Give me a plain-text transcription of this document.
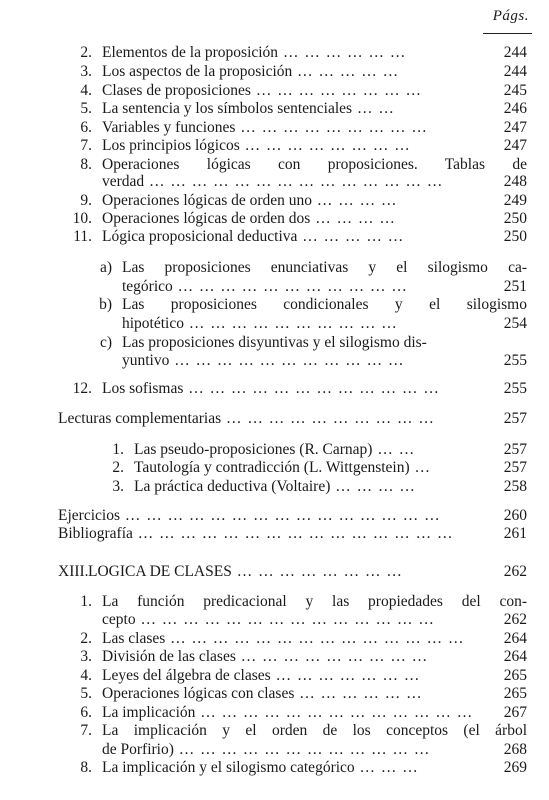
Págs.
2. Elementos de la proposición … … … … … …	244
3. Los aspectos de la proposición … … … … …	244
4. Clases de proposiciones … … … … … … … …	245
5. La sentencia y los símbolos sentenciales … …	246
6. Variables y funciones … … … … … … … … …	247
7. Los principios lógicos … … … … … … … …	247
8. Operaciones lógicas con proposiciones. Tablas de
verdad … … … … … … … … … … … … … …	248
9. Operaciones lógicas de orden uno … … … …	249
10. Operaciones lógicas de orden dos … … … …	250
11. Lógica proposicional deductiva … … … … …	250
a) Las proposiciones enunciativas y el silogismo ca-
tegórico … … … … … … … … … … …	251
b) Las proposiciones condicionales y el silogismo
hipotético … … … … … … … … … …	254
c) Las proposiciones disyuntivas y el silogismo dis-
yuntivo … … … … … … … … … … …	255
12. Los sofismas … … … … … … … … … … … …	255
Lecturas complementarias … … … … … … … … … …	257
1. Las pseudo-proposiciones (R. Carnap) … …	257
2. Tautología y contradicción (L. Wittgenstein) …	257
3. La práctica deductiva (Voltaire) … … … …	258
Ejercicios … … … … … … … … … … … … … … …	260
Bibliografía … … … … … … … … … … … … … … …	261
XIII. LOGICA DE CLASES … … … … … … … …	262
1. La función predicacional y las propiedades del con-
cepto … … … … … … … … … … … … … …	262
2. Las clases … … … … … … … … … … … … … …	264
3. División de las clases … … … … … … … … …	264
4. Leyes del álgebra de clases … … … … … … …	265
5. Operaciones lógicas con clases … … … … … …	265
6. La implicación … … … … … … … … … … … … …	267
7. La implicación y el orden de los conceptos (el árbol
de Porfirio) … … … … … … … … … … … …	268
8. La implicación y el silogismo categórico … … …	269
